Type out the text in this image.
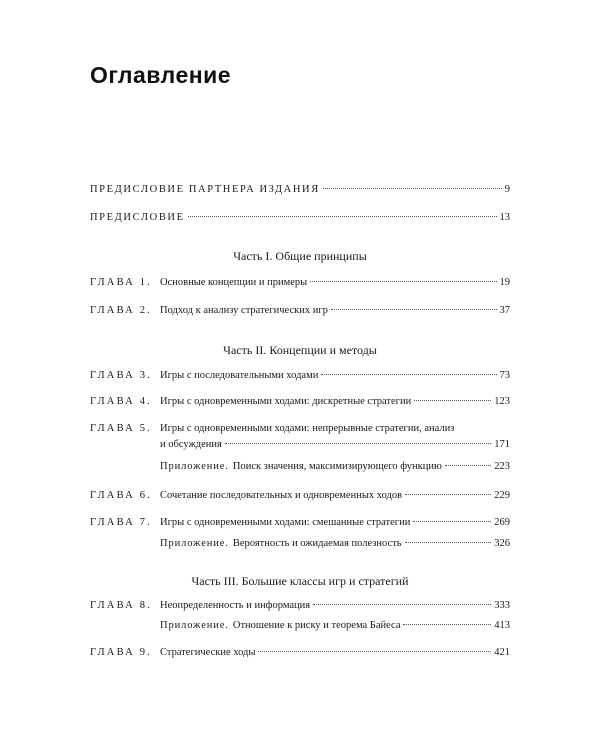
Оглавление
ПРЕДИСЛОВИЕ ПАРТНЕРА ИЗДАНИЯ	9
ПРЕДИСЛОВИЕ	13
Часть I. Общие принципы
ГЛАВА 1. Основные концепции и примеры	19
ГЛАВА 2. Подход к анализу стратегических игр	37
Часть II. Концепции и методы
ГЛАВА 3. Игры с последовательными ходами	73
ГЛАВА 4. Игры с одновременными ходами: дискретные стратегии	123
ГЛАВА 5. Игры с одновременными ходами: непрерывные стратегии, анализ
и обсуждения	171
Приложение. Поиск значения, максимизирующего функцию	223
ГЛАВА 6. Сочетание последовательных и одновременных ходов	229
ГЛАВА 7. Игры с одновременными ходами: смешанные стратегии	269
Приложение. Вероятность и ожидаемая полезность	326
Часть III. Большие классы игр и стратегий
ГЛАВА 8. Неопределенность и информация	333
Приложение. Отношение к риску и теорема Байеса	413
ГЛАВА 9. Стратегические ходы	421
